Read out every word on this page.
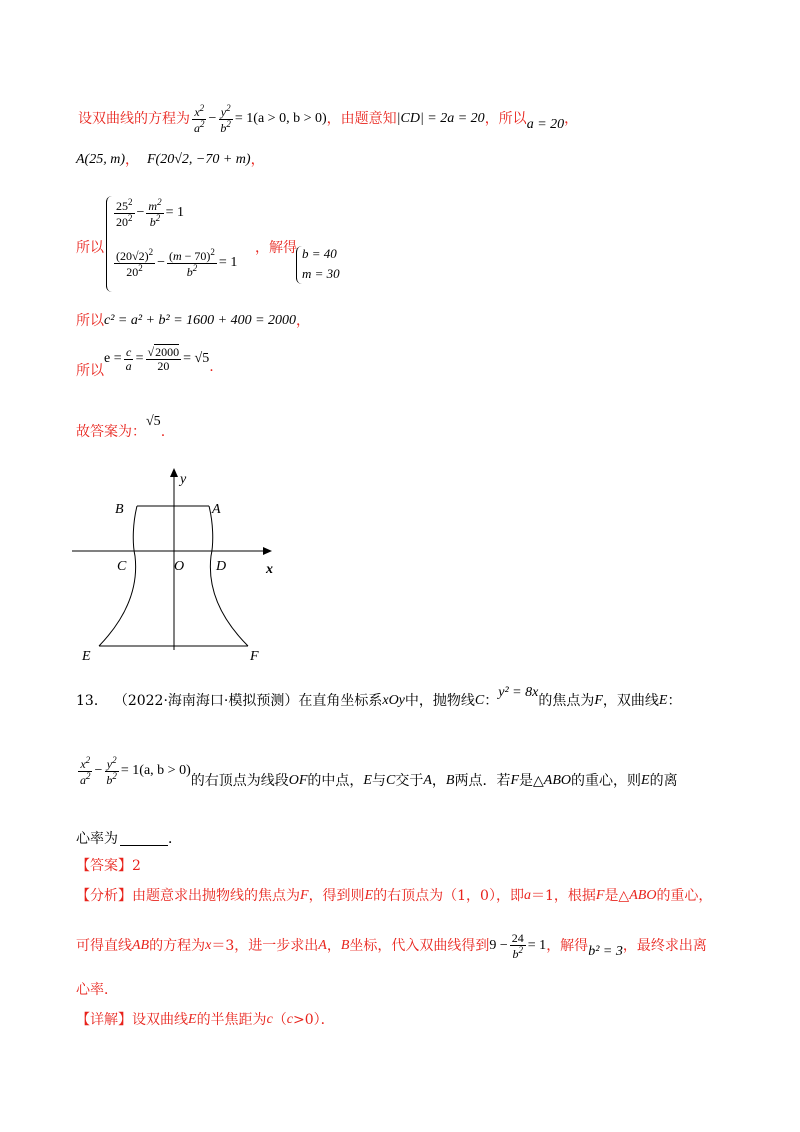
设双曲线的方程为 $\frac{x^2}{a^2} - \frac{y^2}{b^2} = 1(a > 0$, b > 0) ，由题意知 |CD| = 2a = 20 ，所以 a = 20 ，
A(25, m) ， F(20√2, −70 + m) ，
所以
$\frac{25^2}{20^2} - \frac{m^2}{b^2} = 1$
$\frac{(20√2)^2}{20^2} - \frac{(m - 70)^2}{b^2} = 1$
，解得 b = 40
m = 30
所以 c² = a² + b² = 1600 + 400 = 2000 ，
所以
$e = \frac{c}{a} = \frac{√2000}{20} = √5$
.
故答案为：
√5
.
y
x
B	A
C	O D
E	F
13． （2022·海南海口·模拟预测）在直角坐标系 xOy 中，抛物线 C ：
y² = 8x
的焦点为 F ，双曲线 E ：
$\frac{x^2}{a^2} - \frac{y^2}{b^2} = 1(a$, b > 0)
的右顶点为线段 OF 的中点， E 与 C 交于 A ， B 两点．若 F 是△ ABO 的重心，则 E 的离
心率为	．
【答案】 2
【分析】 由题意求出抛物线的焦点为 F ，得到则 E 的右顶点为（1，0），即 a ＝1，根据 F 是△ ABO 的重心，
可得直线 AB 的方程为 x ＝3，进一步求出 A ， B 坐标，代入双曲线得到 $9 - \frac{24}{b^2} = 1$ ，解得 b² = 3 ，最终求出离
心率．
【详解】 设双曲线 E 的半焦距为 c （ c >0）．
